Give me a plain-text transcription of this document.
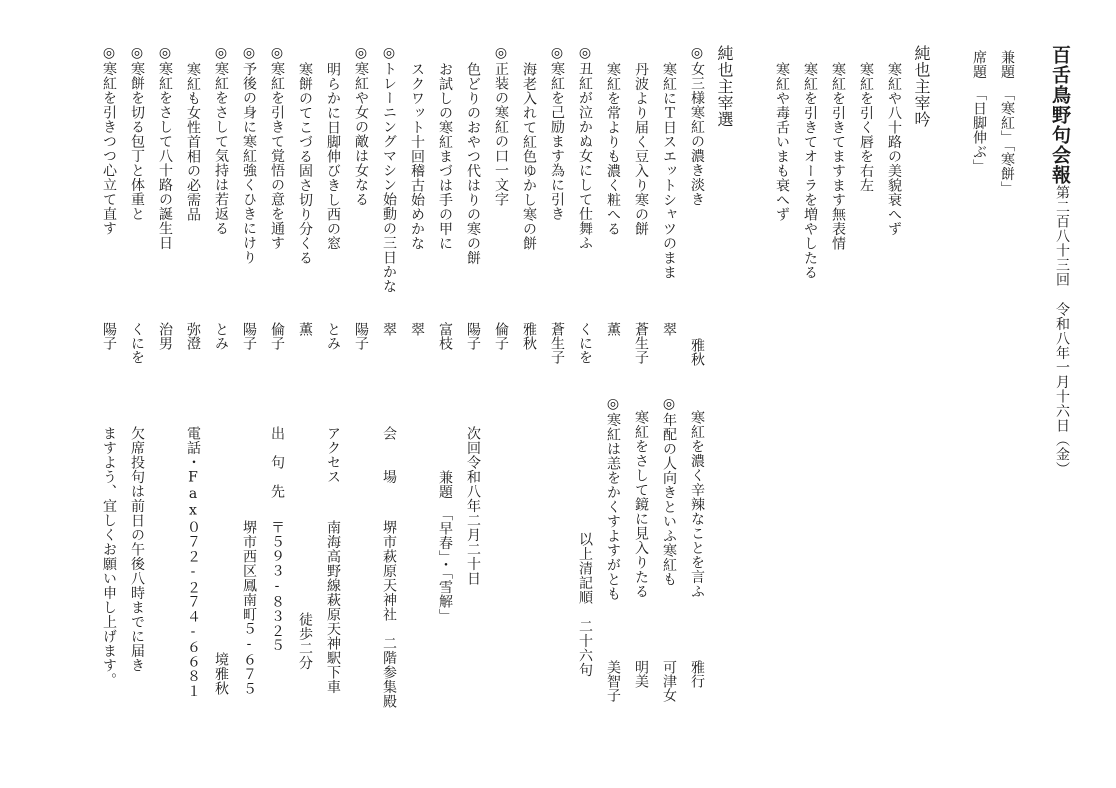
百舌鳥野句会報
第二百八十三回
令和八年一月十六日（金）
兼題　「寒紅」「寒餅」
席題　「日脚伸ぶ」
純也主宰吟
寒紅や八十路の美貌衰へず
寒紅を引く唇を右左
寒紅を引きてますます無表情
寒紅を引きてオーラを増やしたる
寒紅や毒舌いまも衰へず
純也主宰選
◎女三様寒紅の濃き淡き
雅秋
寒紅にＴ日スエットシャツのまま
翠
丹波より届く豆入り寒の餅
蒼生子
寒紅を常よりも濃く粧へる
薫
◎丑紅が泣かぬ女にして仕舞ふ
くにを
◎寒紅を己励ます為に引き
蒼生子
海老入れて紅色ゆかし寒の餅
雅秋
◎正装の寒紅の口一文字
倫子
色どりのおやつ代はりの寒の餅
陽子
お試しの寒紅まづは手の甲に
富枝
スクワット十回稽古始めかな
翠
◎トレーニングマシン始動の三日かな
翠
◎寒紅や女の敵は女なる
陽子
明らかに日脚伸びきし西の窓
とみ
寒餅のてこづる固さ切り分くる
薫
◎寒紅を引きて覚悟の意を通す
倫子
◎予後の身に寒紅強くひきにけり
陽子
◎寒紅をさして気持は若返る
とみ
寒紅も女性首相の必需品
弥澄
◎寒紅をさして八十路の誕生日
治男
◎寒餅を切る包丁と体重と
くにを
◎寒紅を引きつつ心立て直す
陽子
寒紅を濃く辛辣なことを言ふ
雅行
◎年配の人向きといふ寒紅も
可津女
寒紅をさして鏡に見入りたる
明美
◎寒紅は恙をかくすよすがとも
美智子
以上清記順　二十六句
次回令和八年二月二十日
兼題　「早春」・「雪解」
会　　場
堺市萩原天神社　二階参集殿
アクセス
南海高野線萩原天神駅下車
徒歩二分
出　句　先
〒５９３-８３２５
堺市西区鳳南町５-６７５
境雅秋
電話・Fax
０７２-２７４-６６８１
欠席投句は前日の午後八時までに届き
ますよう、宜しくお願い申し上げます。
